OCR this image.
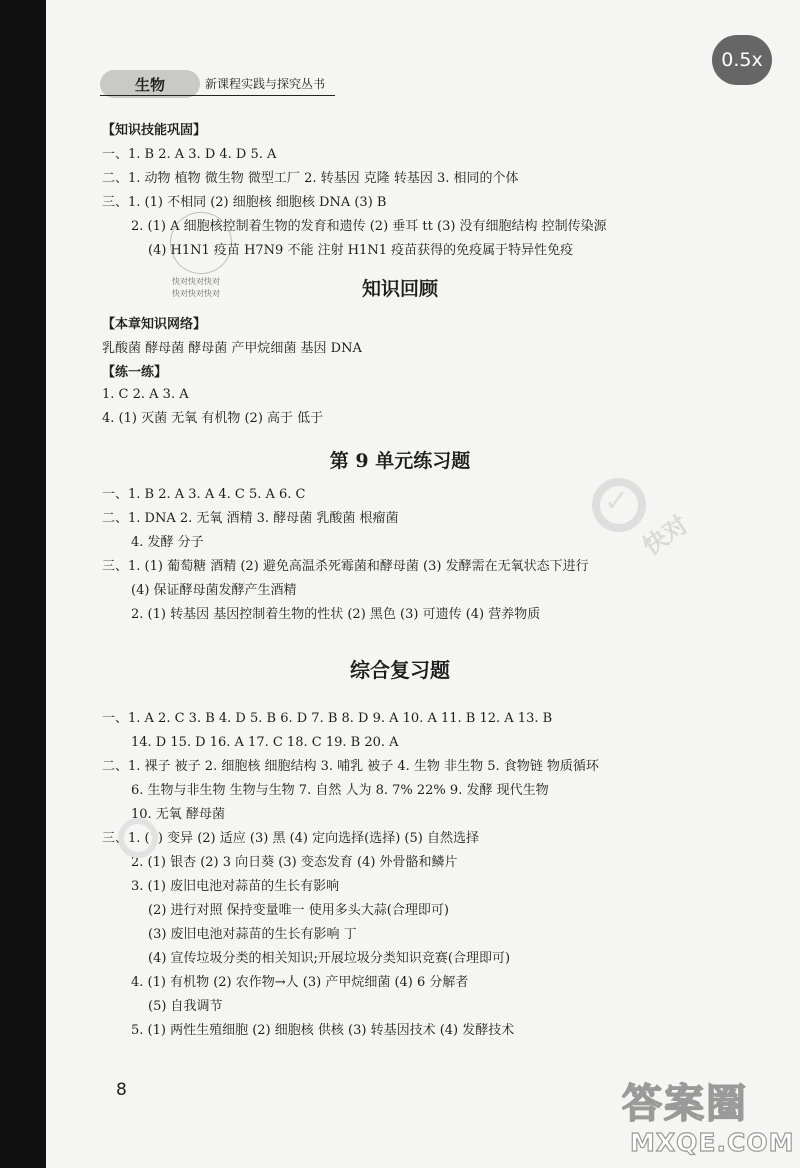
0.5x
生物	新课程实践与探究丛书
【知识技能巩固】
一、1. B 2. A 3. D 4. D 5. A
二、1. 动物 植物 微生物 微型工厂 2. 转基因 克隆 转基因 3. 相同的个体
三、1. (1) 不相同 (2) 细胞核 细胞核 DNA (3) B
2. (1) A 细胞核控制着生物的发育和遗传 (2) 垂耳 tt (3) 没有细胞结构 控制传染源
(4) H1N1 疫苗 H7N9 不能 注射 H1N1 疫苗获得的免疫属于特异性免疫
快对快对快对
快对快对快对	知识回顾
【本章知识网络】
乳酸菌 酵母菌 酵母菌 产甲烷细菌 基因 DNA
【练一练】
1. C 2. A 3. A
4. (1) 灭菌 无氧 有机物 (2) 高于 低于
第 9 单元练习题
一、1. B 2. A 3. A 4. C 5. A 6. C
二、1. DNA 2. 无氧 酒精 3. 酵母菌 乳酸菌 根瘤菌
4. 发酵 分子
三、1. (1) 葡萄糖 酒精 (2) 避免高温杀死霉菌和酵母菌 (3) 发酵需在无氧状态下进行
(4) 保证酵母菌发酵产生酒精
2. (1) 转基因 基因控制着生物的性状 (2) 黑色 (3) 可遗传 (4) 营养物质
✓
快对
综合复习题
一、1. A 2. C 3. B 4. D 5. B 6. D 7. B 8. D 9. A 10. A 11. B 12. A 13. B
14. D 15. D 16. A 17. C 18. C 19. B 20. A
二、1. 裸子 被子 2. 细胞核 细胞结构 3. 哺乳 被子 4. 生物 非生物 5. 食物链 物质循环
6. 生物与非生物 生物与生物 7. 自然 人为 8. 7% 22% 9. 发酵 现代生物
10. 无氧 酵母菌
三、1. (1) 变异 (2) 适应 (3) 黑 (4) 定向选择(选择) (5) 自然选择
2. (1) 银杏 (2) 3 向日葵 (3) 变态发育 (4) 外骨骼和鳞片
3. (1) 废旧电池对蒜苗的生长有影响
(2) 进行对照 保持变量唯一 使用多头大蒜(合理即可)
(3) 废旧电池对蒜苗的生长有影响 丁
(4) 宣传垃圾分类的相关知识;开展垃圾分类知识竞赛(合理即可)
4. (1) 有机物 (2) 农作物→人 (3) 产甲烷细菌 (4) 6 分解者
(5) 自我调节
5. (1) 两性生殖细胞 (2) 细胞核 供核 (3) 转基因技术 (4) 发酵技术
8	答案圈
MXQE.COM
